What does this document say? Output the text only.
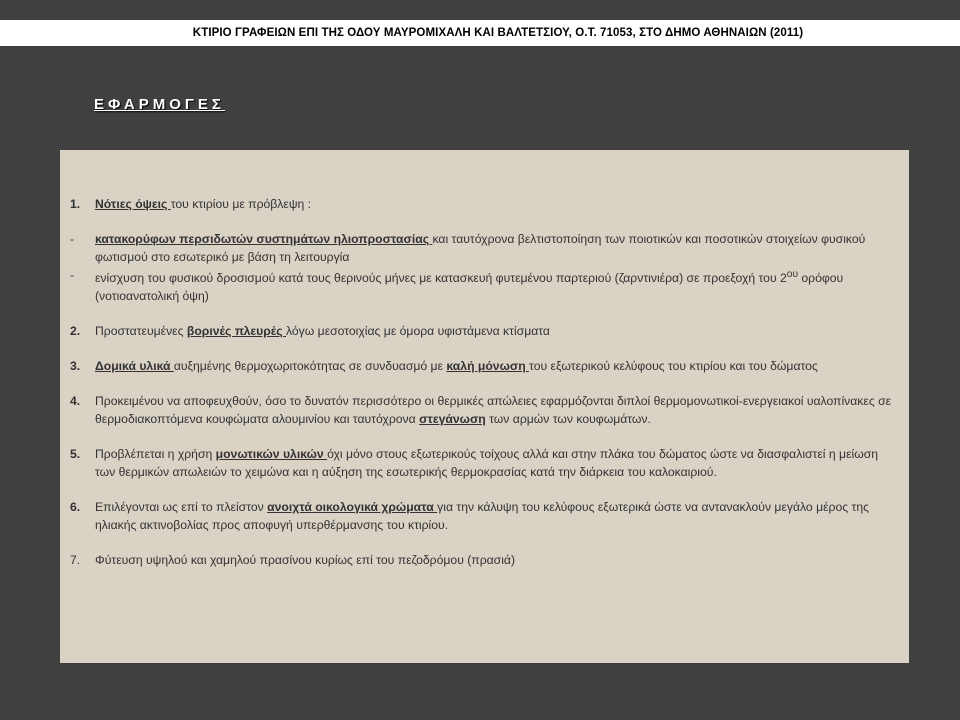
ΚΤΙΡΙΟ ΓΡΑΦΕΙΩΝ ΕΠΙ ΤΗΣ ΟΔΟΥ ΜΑΥΡΟΜΙΧΑΛΗ ΚΑΙ ΒΑΛΤΕΤΣΙΟΥ, Ο.Τ. 71053, ΣΤΟ ΔΗΜΟ ΑΘΗΝΑΙΩΝ (2011)
ΕΦΑΡΜΟΓΕΣ
1.	Νότιες όψεις του κτιρίου με πρόβλεψη :
-	κατακορύφων περσιδωτών συστημάτων ηλιοπροστασίας και ταυτόχρονα βελτιστοποίηση των ποιοτικών και ποσοτικών στοιχείων φυσικού φωτισμού στο εσωτερικό με βάση τη λειτουργία
-	ενίσχυση του φυσικού δροσισμού κατά τους θερινούς μήνες με κατασκευή φυτεμένου παρτεριού (ζαρντινιέρα) σε προεξοχή του $2^{o\upsilon}$ ορόφου (νοτιοανατολική όψη)
2.	Προστατευμένες βορινές πλευρές λόγω μεσοτοιχίας με όμορα υφιστάμενα κτίσματα
3.	Δομικά υλικά αυξημένης θερμοχωριτοκότητας σε συνδυασμό με καλή μόνωση του εξωτερικού κελύφους του κτιρίου και του δώματος
4.	Προκειμένου να αποφευχθούν, όσο το δυνατόν περισσότερο οι θερμικές απώλειες εφαρμόζονται διπλοί θερμομονωτικοί-ενεργειακοί υαλοπίνακες σε θερμοδιακοπτόμενα κουφώματα αλουμινίου και ταυτόχρονα στεγάνωση των αρμών των κουφωμάτων.
5.	Προβλέπεται η χρήση μονωτικών υλικών όχι μόνο στους εξωτερικούς τοίχους αλλά και στην πλάκα του δώματος ώστε να διασφαλιστεί η μείωση των θερμικών απωλειών το χειμώνα και η αύξηση της εσωτερικής θερμοκρασίας κατά την διάρκεια του καλοκαιριού.
6.	Επιλέγονται ως επί το πλείστον ανοιχτά οικολογικά χρώματα για την κάλυψη του κελύφους εξωτερικά ώστε να αντανακλούν μεγάλο μέρος της ηλιακής ακτινοβολίας προς αποφυγή υπερθέρμανσης του κτιρίου.
7.	Φύτευση υψηλού και χαμηλού πρασίνου κυρίως επί του πεζοδρόμου (πρασιά)
